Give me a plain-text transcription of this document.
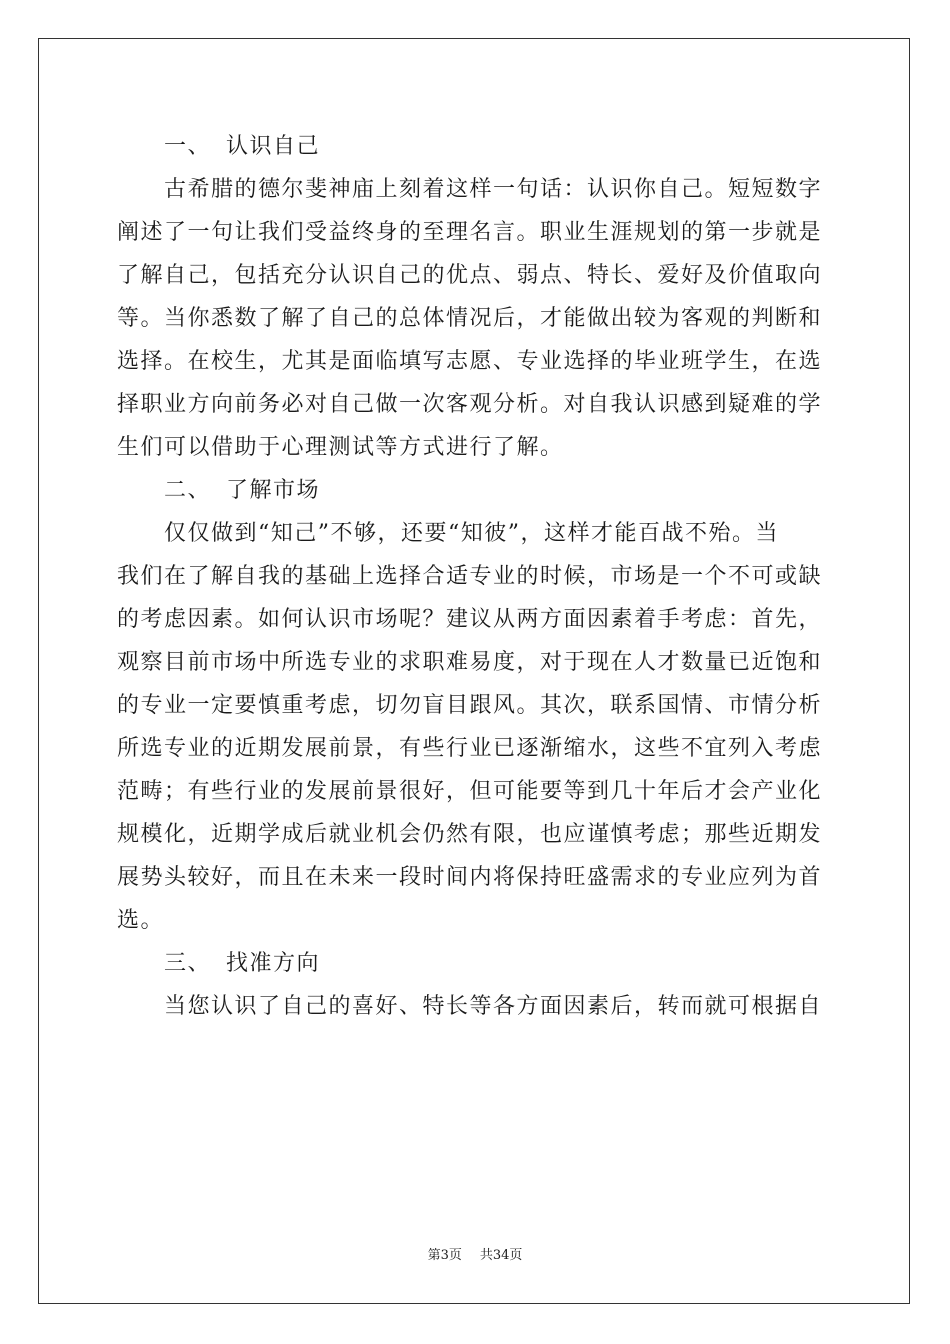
一、 认识自己
古希腊的德尔斐神庙上刻着这样一句话：认识你自己。短短数字
阐述了一句让我们受益终身的至理名言。职业生涯规划的第一步就是
了解自己，包括充分认识自己的优点、弱点、特长、爱好及价值取向
等。当你悉数了解了自己的总体情况后，才能做出较为客观的判断和
选择。在校生，尤其是面临填写志愿、专业选择的毕业班学生，在选
择职业方向前务必对自己做一次客观分析。对自我认识感到疑难的学
生们可以借助于心理测试等方式进行了解。
二、 了解市场
仅仅做到“知己”不够，还要“知彼”，这样才能百战不殆。当
我们在了解自我的基础上选择合适专业的时候，市场是一个不可或缺
的考虑因素。如何认识市场呢？建议从两方面因素着手考虑：首先，
观察目前市场中所选专业的求职难易度，对于现在人才数量已近饱和
的专业一定要慎重考虑，切勿盲目跟风。其次，联系国情、市情分析
所选专业的近期发展前景，有些行业已逐渐缩水，这些不宜列入考虑
范畴；有些行业的发展前景很好，但可能要等到几十年后才会产业化
规模化，近期学成后就业机会仍然有限，也应谨慎考虑；那些近期发
展势头较好，而且在未来一段时间内将保持旺盛需求的专业应列为首
选。
三、 找准方向
当您认识了自己的喜好、特长等各方面因素后，转而就可根据自
第3页 共34页
